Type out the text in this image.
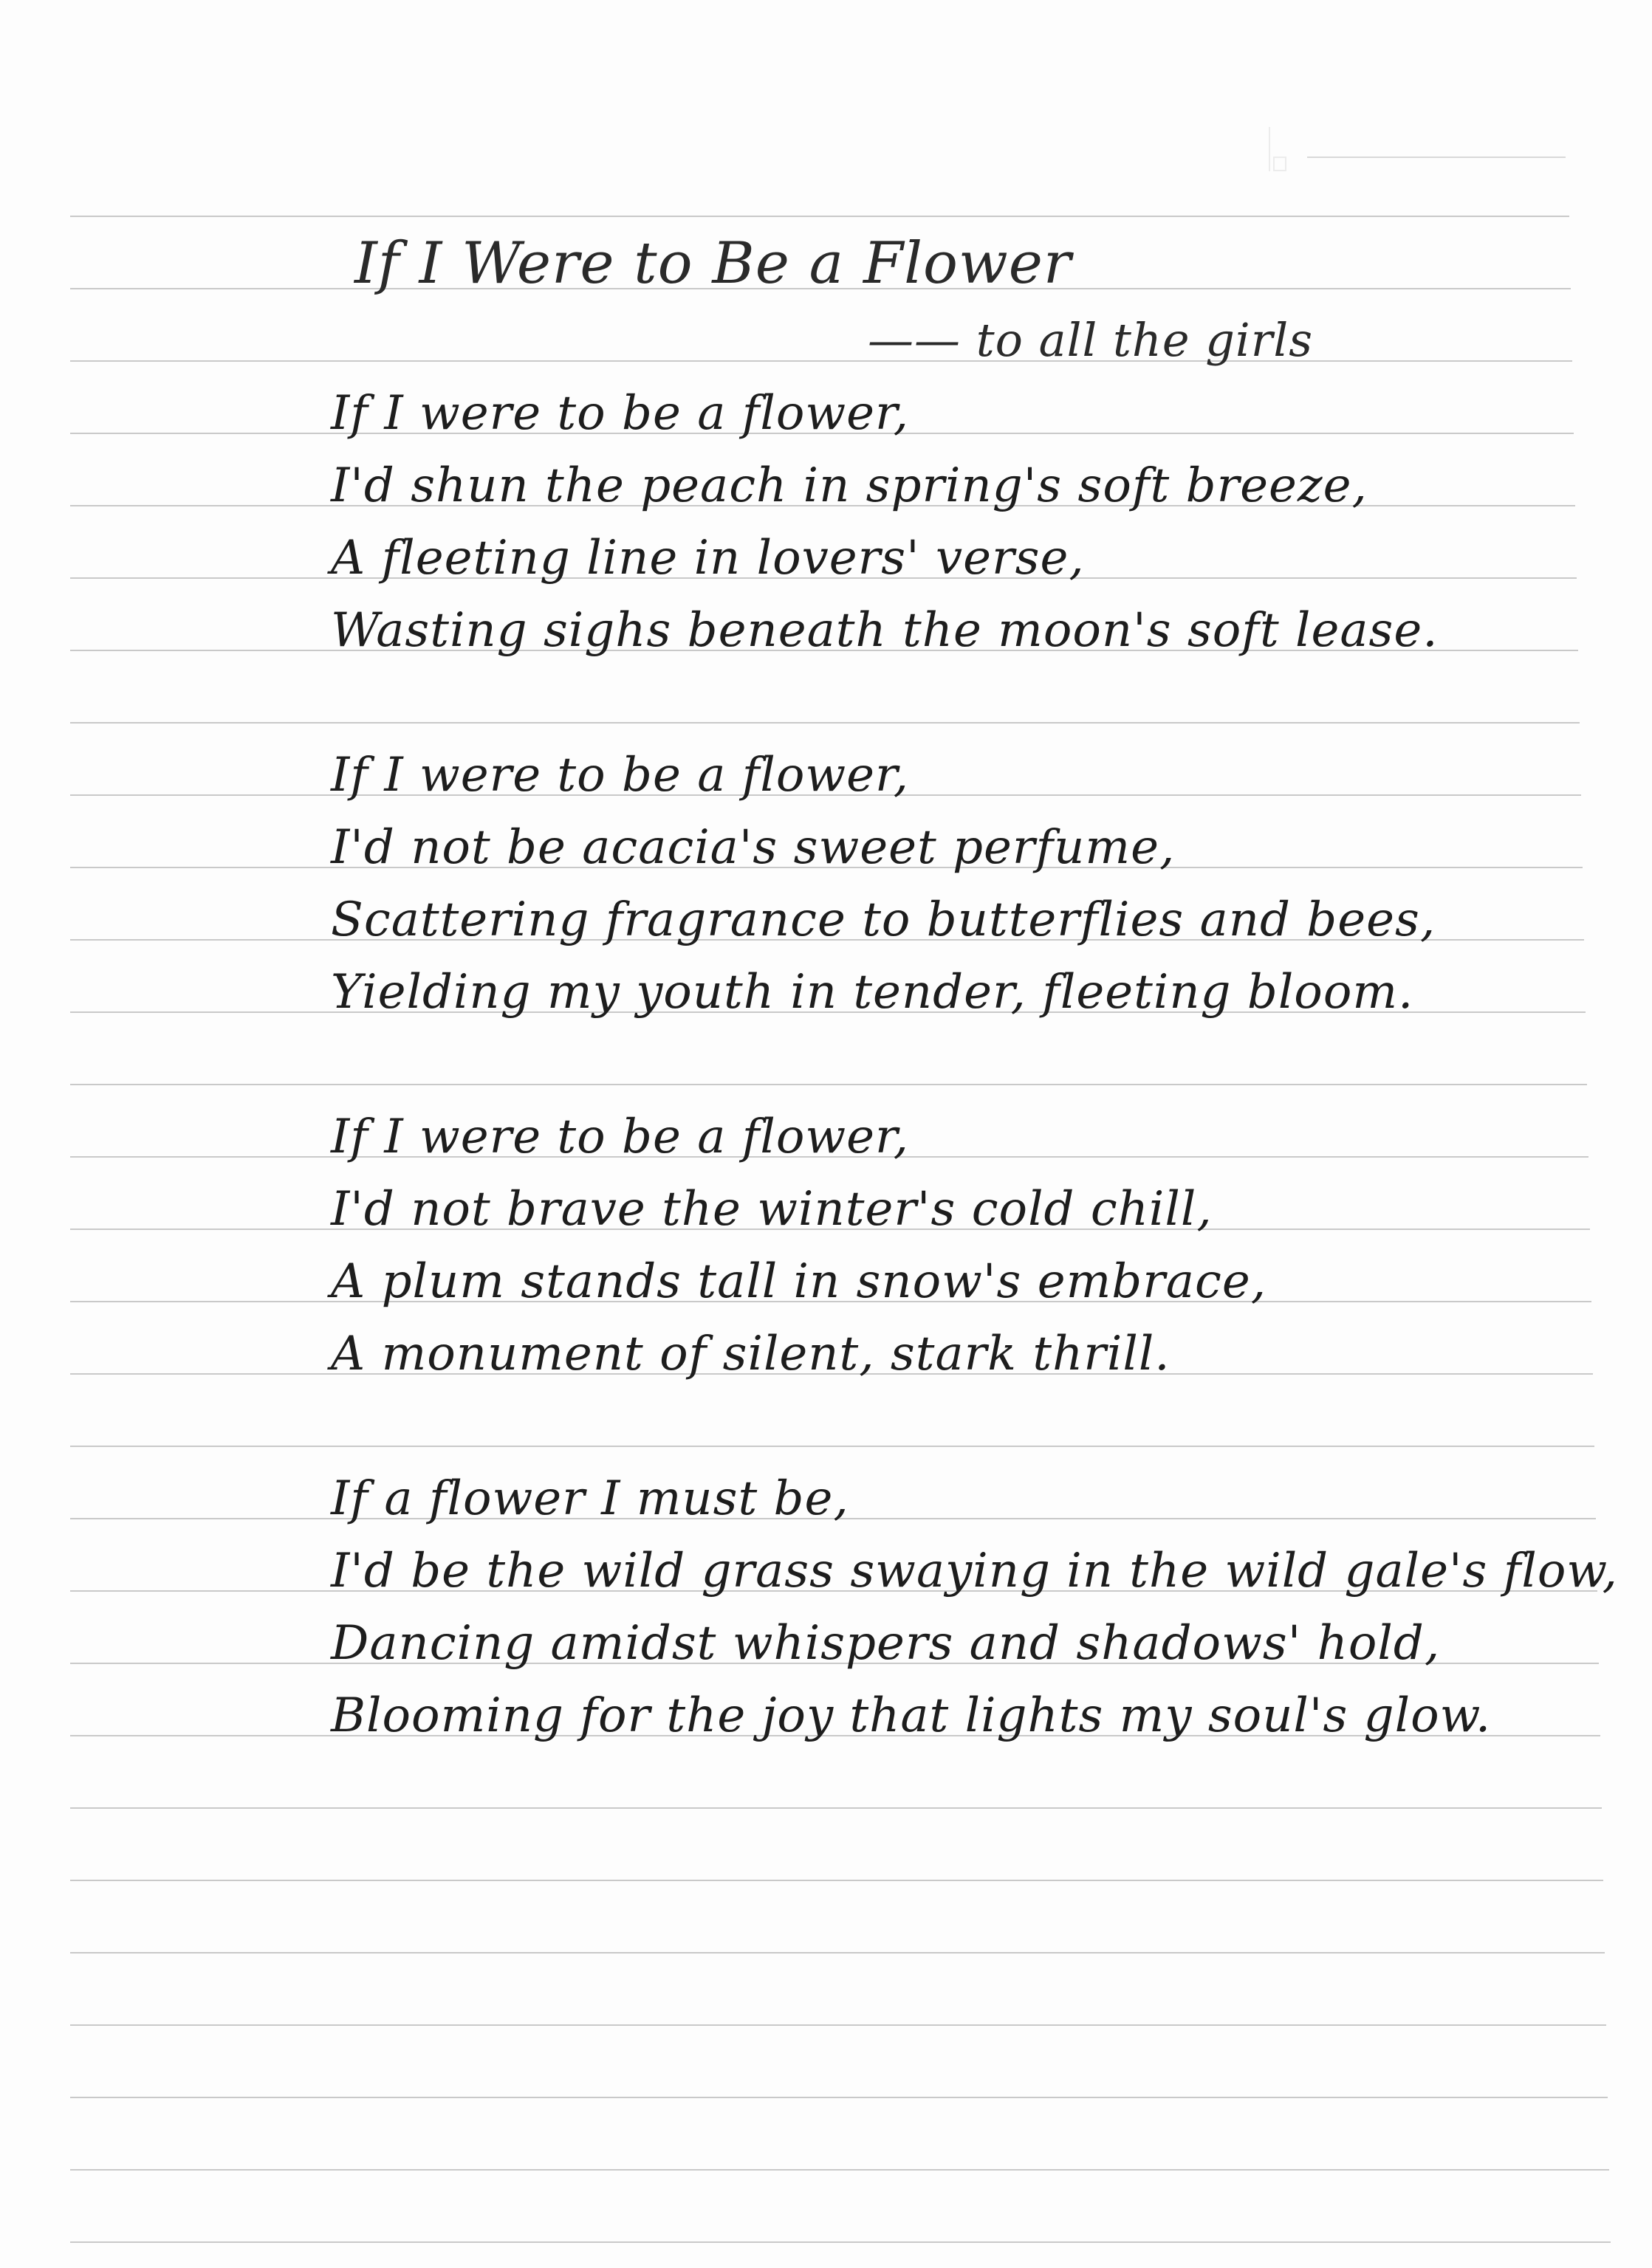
If I Were to Be a Flower
—— to all the girls
If I were to be a flower,
I'd shun the peach in spring's soft breeze,
A fleeting line in lovers' verse,
Wasting sighs beneath the moon's soft lease.
If I were to be a flower,
I'd not be acacia's sweet perfume,
Scattering fragrance to butterflies and bees,
Yielding my youth in tender, fleeting bloom.
If I were to be a flower,
I'd not brave the winter's cold chill,
A plum stands tall in snow's embrace,
A monument of silent, stark thrill.
If a flower I must be,
I'd be the wild grass swaying in the wild gale's flow,
Dancing amidst whispers and shadows' hold,
Blooming for the joy that lights my soul's glow.
